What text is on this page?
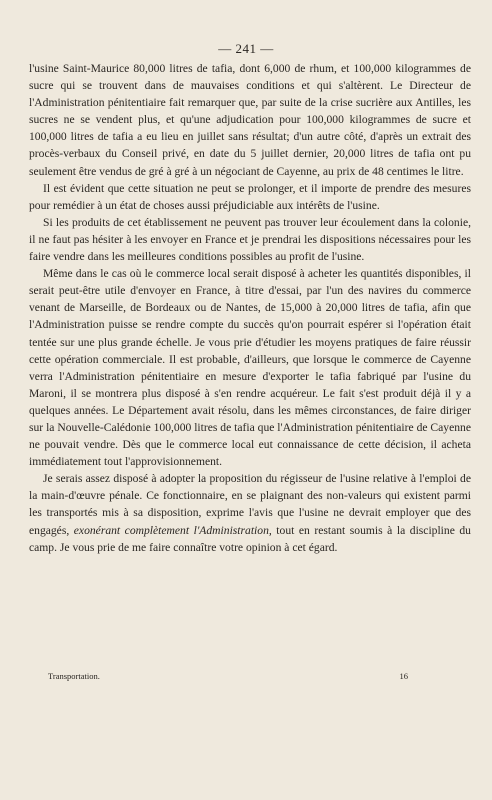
— 241 —

l'usine Saint-Maurice 80,000 litres de tafia, dont 6,000 de rhum, et 100,000 kilogrammes de sucre qui se trouvent dans de mauvaises conditions et qui s'altèrent. Le Directeur de l'Administration pénitentiaire fait remarquer que, par suite de la crise sucrière aux Antilles, les sucres ne se vendent plus, et qu'une adjudication pour 100,000 kilogrammes de sucre et 100,000 litres de tafia a eu lieu en juillet sans résultat; d'un autre côté, d'après un extrait des procès-verbaux du Conseil privé, en date du 5 juillet dernier, 20,000 litres de tafia ont pu seulement être vendus de gré à gré à un négociant de Cayenne, au prix de 48 centimes le litre.

Il est évident que cette situation ne peut se prolonger, et il importe de prendre des mesures pour remédier à un état de choses aussi préjudiciable aux intérêts de l'usine.

Si les produits de cet établissement ne peuvent pas trouver leur écoulement dans la colonie, il ne faut pas hésiter à les envoyer en France et je prendrai les dispositions nécessaires pour les faire vendre dans les meilleures conditions possibles au profit de l'usine.

Même dans le cas où le commerce local serait disposé à acheter les quantités disponibles, il serait peut-être utile d'envoyer en France, à titre d'essai, par l'un des navires du commerce venant de Marseille, de Bordeaux ou de Nantes, de 15,000 à 20,000 litres de tafia, afin que l'Administration puisse se rendre compte du succès qu'on pourrait espérer si l'opération était tentée sur une plus grande échelle. Je vous prie d'étudier les moyens pratiques de faire réussir cette opération commerciale. Il est probable, d'ailleurs, que lorsque le commerce de Cayenne verra l'Administration pénitentiaire en mesure d'exporter le tafia fabriqué par l'usine du Maroni, il se montrera plus disposé à s'en rendre acquéreur. Le fait s'est produit déjà il y a quelques années. Le Département avait résolu, dans les mêmes circonstances, de faire diriger sur la Nouvelle-Calédonie 100,000 litres de tafia que l'Administration pénitentiaire de Cayenne ne pouvait vendre. Dès que le commerce local eut connaissance de cette décision, il acheta immédiatement tout l'approvisionnement.

Je serais assez disposé à adopter la proposition du régisseur de l'usine relative à l'emploi de la main-d'œuvre pénale. Ce fonctionnaire, en se plaignant des non-valeurs qui existent parmi les transportés mis à sa disposition, exprime l'avis que l'usine ne devrait employer que des engagés, exonérant complètement l'Administration, tout en restant soumis à la discipline du camp. Je vous prie de me faire connaître votre opinion à cet égard.

Transportation.	16
